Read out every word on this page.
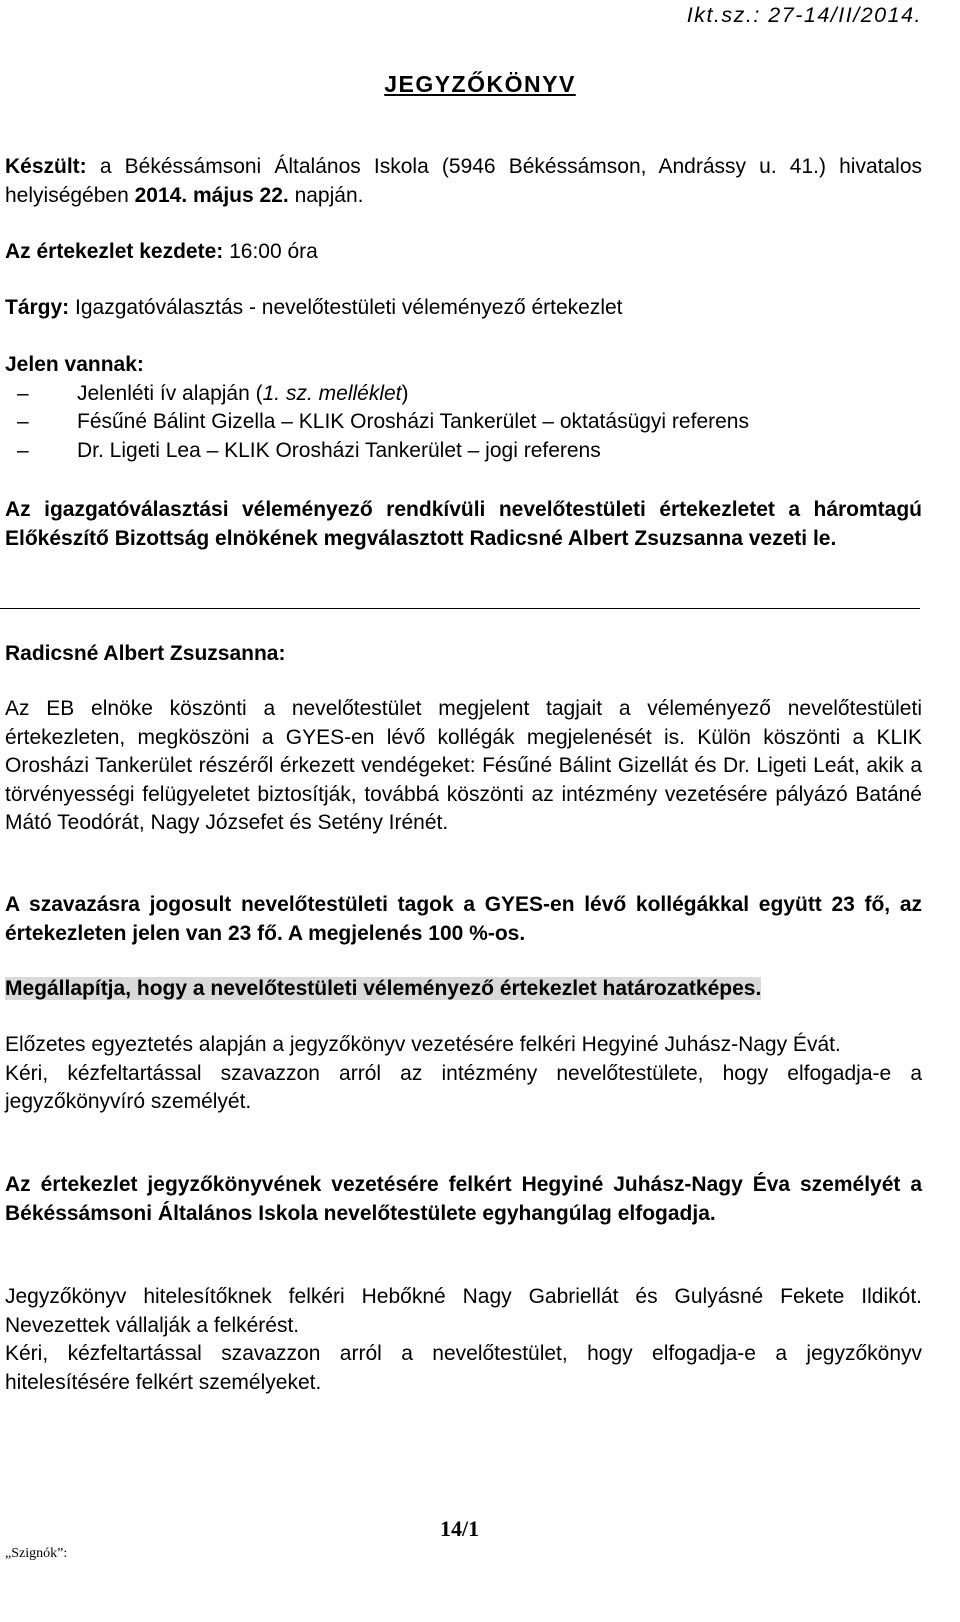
Ikt.sz.: 27-14/II/2014.
JEGYZŐKÖNYV

Készült: a Békéssámsoni Általános Iskola (5946 Békéssámson, Andrássy u. 41.) hivatalos helyiségében 2014. május 22. napján.

Az értekezlet kezdete: 16:00 óra

Tárgy: Igazgatóválasztás - nevelőtestületi véleményező értekezlet

Jelen vannak:
– Jelenléti ív alapján (1. sz. melléklet)
– Fésűné Bálint Gizella – KLIK Orosházi Tankerület – oktatásügyi referens
– Dr. Ligeti Lea – KLIK Orosházi Tankerület – jogi referens

Az igazgatóválasztási véleményező rendkívüli nevelőtestületi értekezletet a háromtagú Előkészítő Bizottság elnökének megválasztott Radicsné Albert Zsuzsanna vezeti le.

Radicsné Albert Zsuzsanna:

Az EB elnöke köszönti a nevelőtestület megjelent tagjait a véleményező nevelőtestületi értekezleten, megköszöni a GYES-en lévő kollégák megjelenését is. Külön köszönti a KLIK Orosházi Tankerület részéről érkezett vendégeket: Fésűné Bálint Gizellát és Dr. Ligeti Leát, akik a törvényességi felügyeletet biztosítják, továbbá köszönti az intézmény vezetésére pályázó Batáné Mátó Teodórát, Nagy Józsefet és Setény Irénét.

A szavazásra jogosult nevelőtestületi tagok a GYES-en lévő kollégákkal együtt 23 fő, az értekezleten jelen van 23 fő. A megjelenés 100 %-os.

Megállapítja, hogy a nevelőtestületi véleményező értekezlet határozatképes.

Előzetes egyeztetés alapján a jegyzőkönyv vezetésére felkéri Hegyiné Juhász-Nagy Évát.
Kéri, kézfeltartással szavazzon arról az intézmény nevelőtestülete, hogy elfogadja-e a jegyzőkönyvíró személyét.

Az értekezlet jegyzőkönyvének vezetésére felkért Hegyiné Juhász-Nagy Éva személyét a Békéssámsoni Általános Iskola nevelőtestülete egyhangúlag elfogadja.

Jegyzőkönyv hitelesítőknek felkéri Hebőkné Nagy Gabriellát és Gulyásné Fekete Ildikót. Nevezettek vállalják a felkérést.
Kéri, kézfeltartással szavazzon arról a nevelőtestület, hogy elfogadja-e a jegyzőkönyv hitelesítésére felkért személyeket.
14/1
„Szignók”:
